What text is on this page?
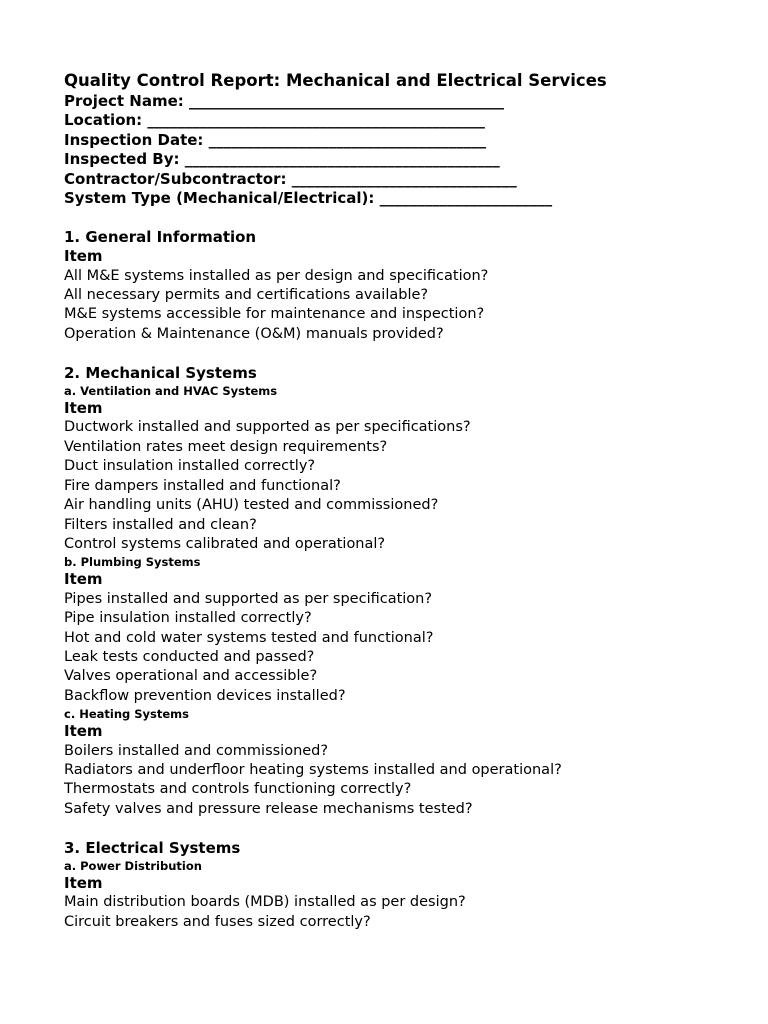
Quality Control Report: Mechanical and Electrical Services
Project Name: __________________________________________
Location: _____________________________________________
Inspection Date: _____________________________________
Inspected By: __________________________________________
Contractor/Subcontractor: ______________________________
System Type (Mechanical/Electrical): _______________________
1. General Information
Item
All M&E systems installed as per design and specification?
All necessary permits and certifications available?
M&E systems accessible for maintenance and inspection?
Operation & Maintenance (O&M) manuals provided?
2. Mechanical Systems
a. Ventilation and HVAC Systems
Item
Ductwork installed and supported as per specifications?
Ventilation rates meet design requirements?
Duct insulation installed correctly?
Fire dampers installed and functional?
Air handling units (AHU) tested and commissioned?
Filters installed and clean?
Control systems calibrated and operational?
b. Plumbing Systems
Item
Pipes installed and supported as per specification?
Pipe insulation installed correctly?
Hot and cold water systems tested and functional?
Leak tests conducted and passed?
Valves operational and accessible?
Backflow prevention devices installed?
c. Heating Systems
Item
Boilers installed and commissioned?
Radiators and underfloor heating systems installed and operational?
Thermostats and controls functioning correctly?
Safety valves and pressure release mechanisms tested?
3. Electrical Systems
a. Power Distribution
Item
Main distribution boards (MDB) installed as per design?
Circuit breakers and fuses sized correctly?
